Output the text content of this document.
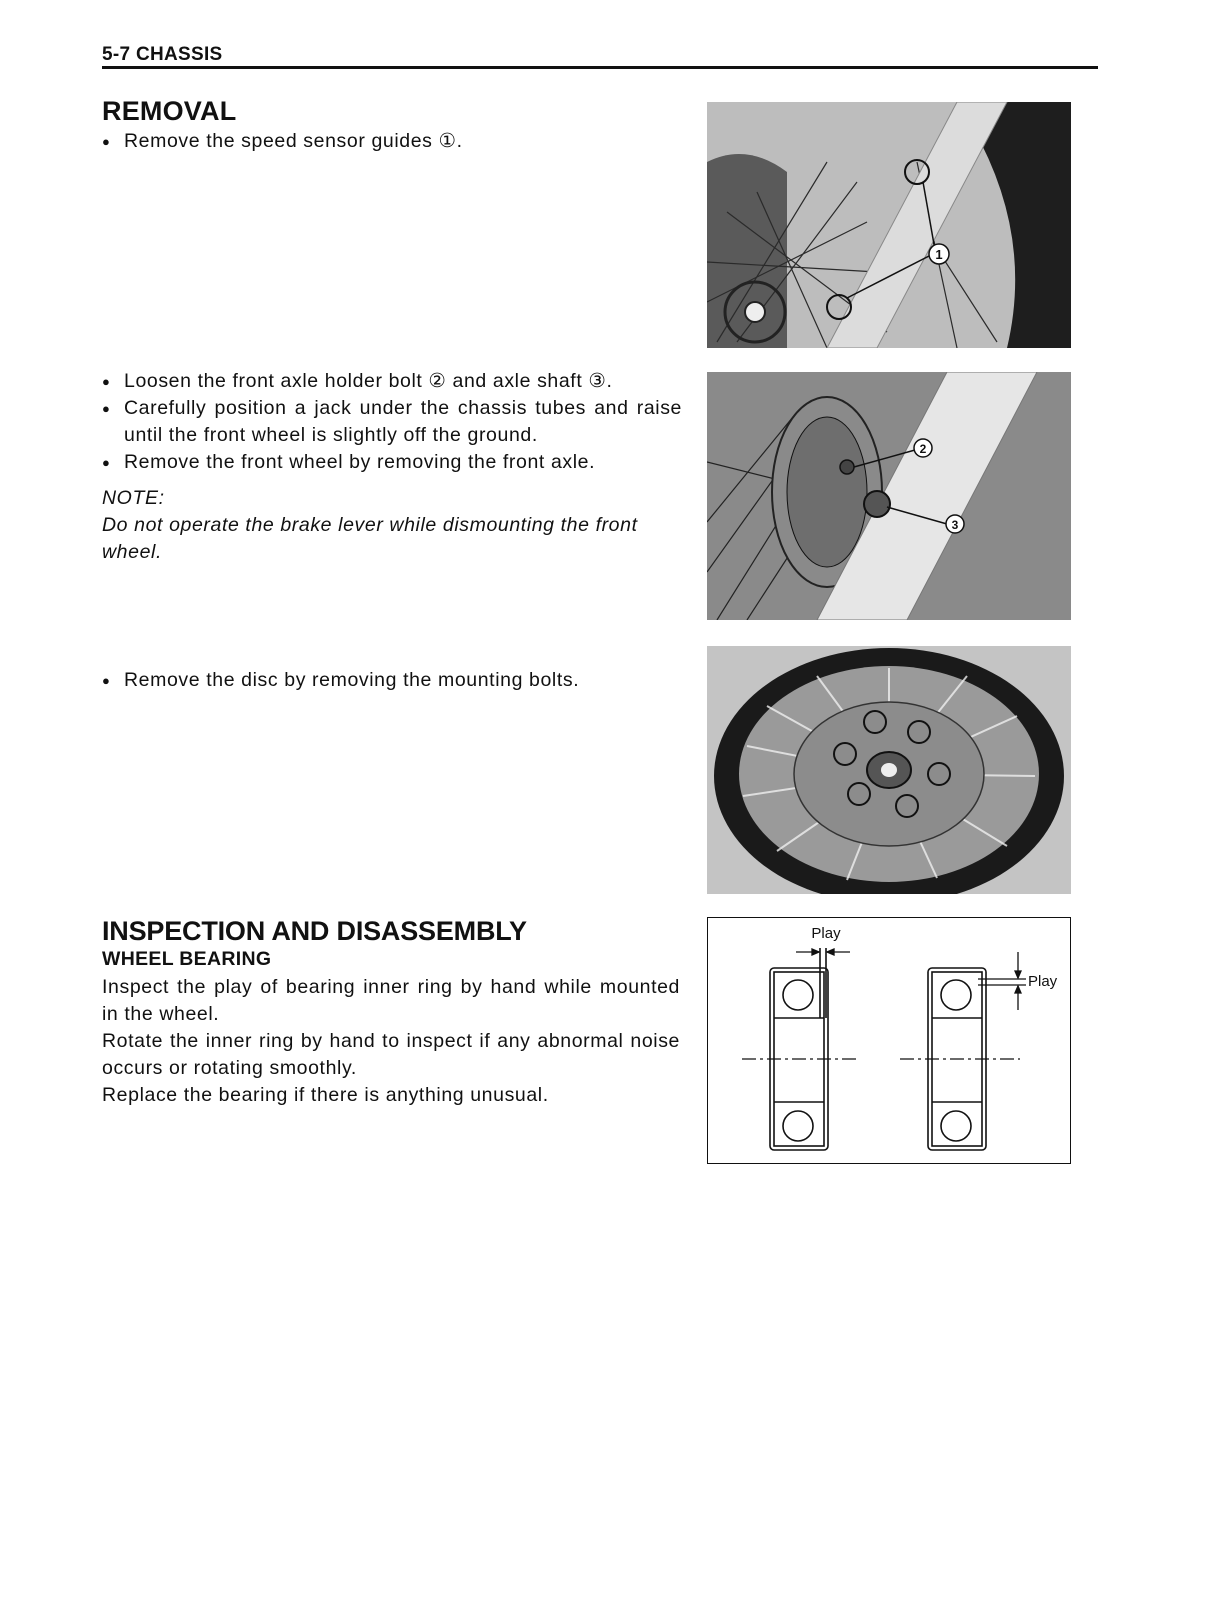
5-7 CHASSIS
REMOVAL
● Remove the speed sensor guides ①.
● Loosen the front axle holder bolt ② and axle shaft ③.
● Carefully position a jack under the chassis tubes and raise until the front wheel is slightly off the ground.
● Remove the front wheel by removing the front axle.
NOTE:
Do not operate the brake lever while dismounting the front wheel.
● Remove the disc by removing the mounting bolts.
1
2
3
INSPECTION AND DISASSEMBLY
WHEEL BEARING
Inspect the play of bearing inner ring by hand while mounted in the wheel.
Rotate the inner ring by hand to inspect if any abnormal noise occurs or rotating smoothly.
Replace the bearing if there is anything unusual.
Play
Play
